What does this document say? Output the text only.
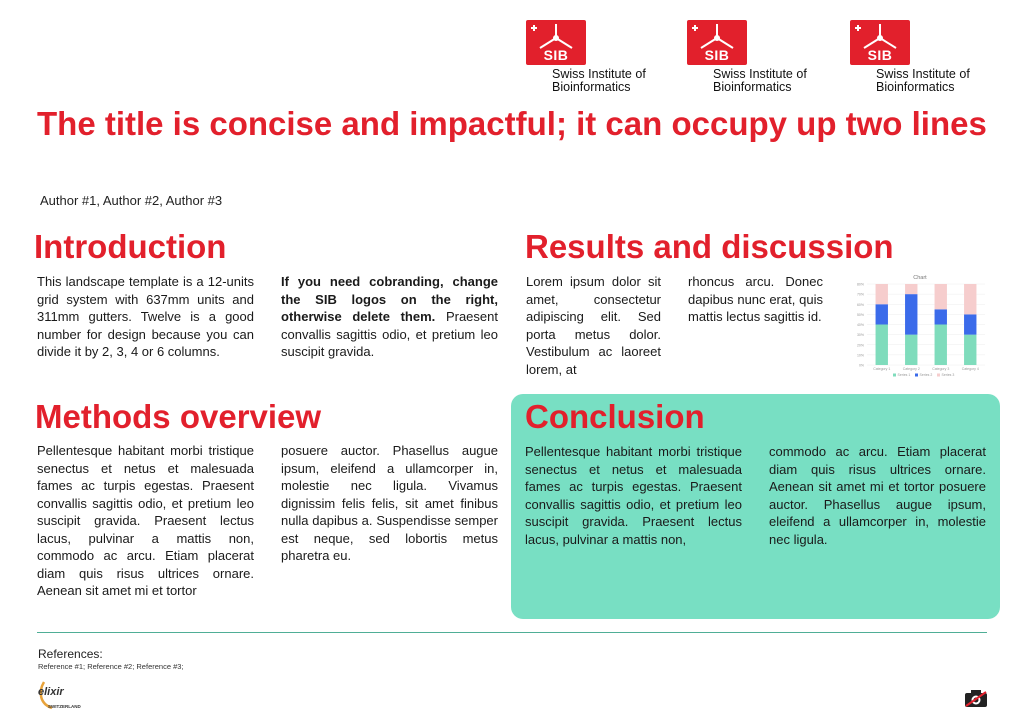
SIB
Swiss Institute of
Bioinformatics
SIB
Swiss Institute of
Bioinformatics
SIB
Swiss Institute of
Bioinformatics
The title is concise and impactful; it can occupy up two lines
Author #1, Author #2, Author #3
Introduction

This landscape template is a 12-units grid system with 637mm units and 311mm gutters. Twelve is a good number for design because you can divide it by 2, 3, 4 or 6 columns.

If you need cobranding, change the SIB logos on the right, otherwise delete them. Praesent convallis sagittis odio, et pretium leo suscipit gravida.

Results and discussion

Lorem ipsum dolor sit amet, consectetur adipiscing elit. Sed porta metus dolor. Vestibulum ac laoreet lorem, at

rhoncus arcu. Donec dapibus nunc erat, quis mattis lectus sagittis id.

Chart
0%
10%
20%
30%
40%
50%
60%
70%
80%
Category 1	Category 2	Category 3	Category 4
Series 1	Series 2	Series 3
Methods overview

Pellentesque habitant morbi tristique senectus et netus et malesuada fames ac turpis egestas. Praesent convallis sagittis odio, et pretium leo suscipit gravida. Praesent lectus lacus, pulvinar a mattis non, commodo ac arcu. Etiam placerat diam quis risus ultrices ornare. Aenean sit amet mi et tortor

posuere auctor. Phasellus augue ipsum, eleifend a ullamcorper in, molestie nec ligula. Vivamus dignissim felis felis, sit amet finibus nulla dapibus a. Suspendisse semper est neque, sed lobortis metus pharetra eu.

Conclusion

Pellentesque habitant morbi tristique senectus et netus et malesuada fames ac turpis egestas. Praesent convallis sagittis odio, et pretium leo suscipit gravida. Praesent lectus lacus, pulvinar a mattis non,

commodo ac arcu. Etiam placerat diam quis risus ultrices ornare. Aenean sit amet mi et tortor posuere auctor. Phasellus augue ipsum, eleifend a ullamcorper in, molestie nec ligula.

References:
Reference #1; Reference #2; Reference #3;
elixir
SWITZERLAND
